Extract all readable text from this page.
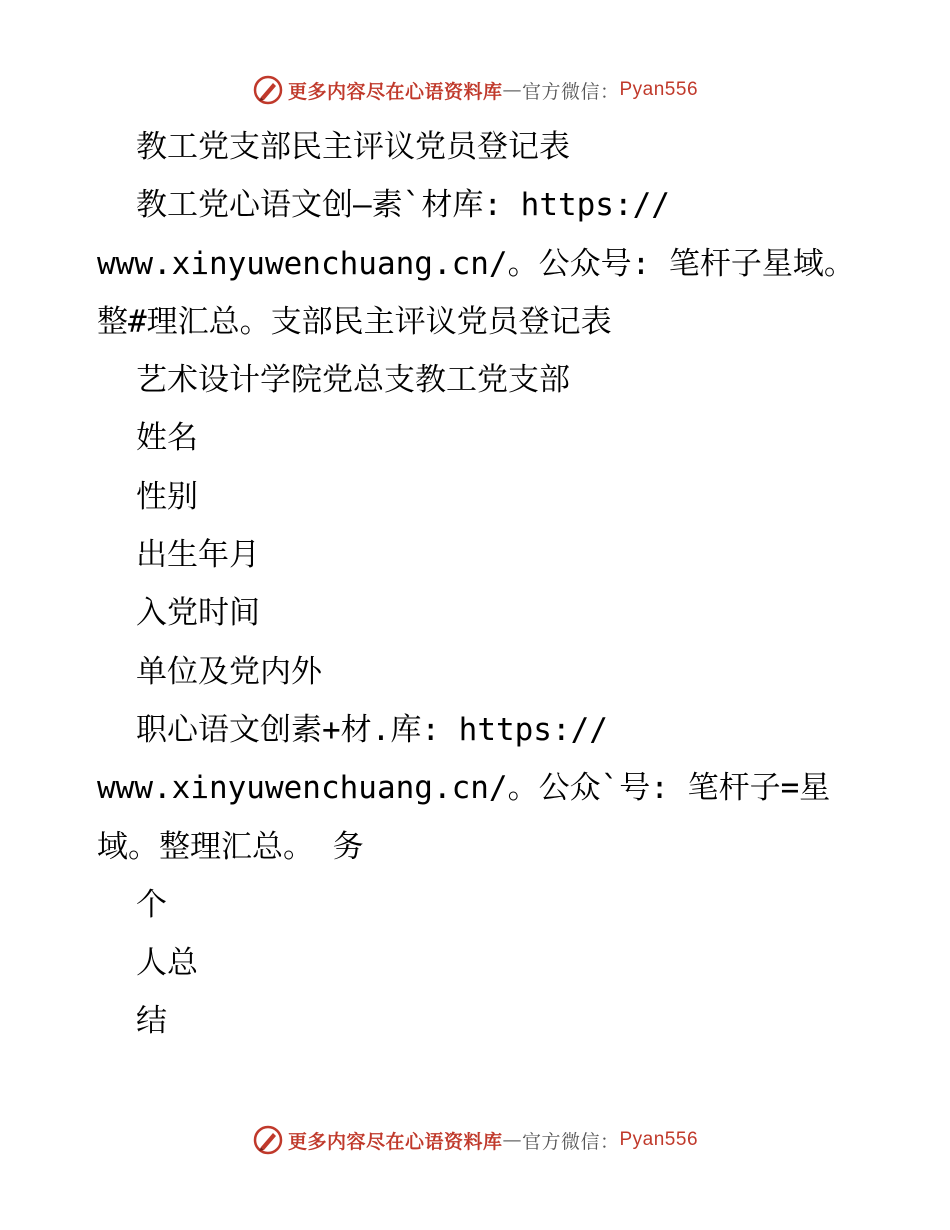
更多内容尽在心语资料库 — 官方微信： Pyan556
教工党支部民主评议党员登记表
教工党心语文创—素`材库: https://
www.xinyuwenchuang.cn/。公众号: 笔杆子星域。
整#理汇总。支部民主评议党员登记表
艺术设计学院党总支教工党支部
姓名
性别
出生年月
入党时间
单位及党内外
职心语文创素+材.库: https://
www.xinyuwenchuang.cn/。公众`号: 笔杆子=星
域。整理汇总。 务
个
人总
结
更多内容尽在心语资料库 — 官方微信： Pyan556
